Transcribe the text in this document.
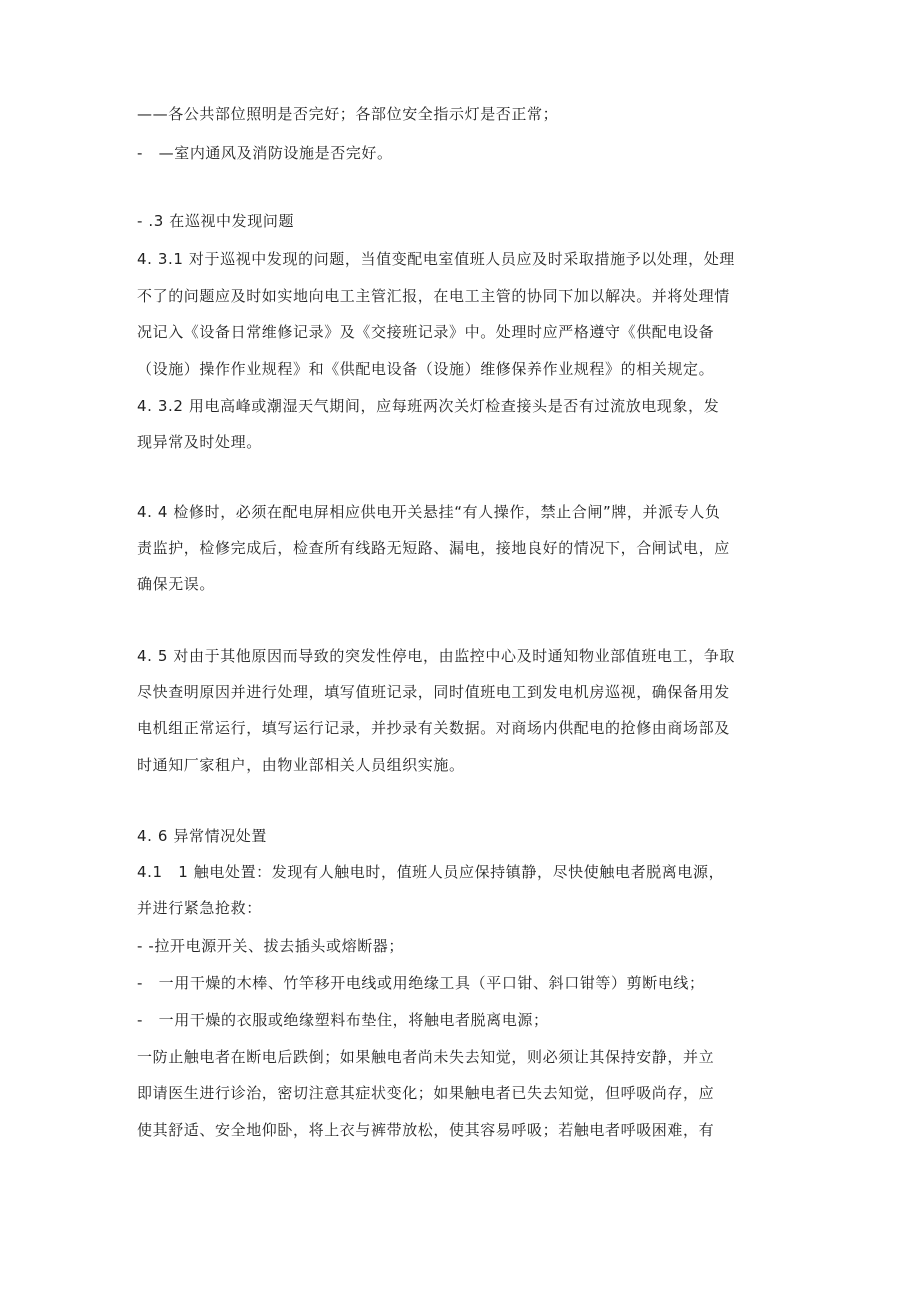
——各公共部位照明是否完好；各部位安全指示灯是否正常；
-　—室内通风及消防设施是否完好。
- .3 在巡视中发现问题
4. 3.1 对于巡视中发现的问题，当值变配电室值班人员应及时采取措施予以处理，处理
不了的问题应及时如实地向电工主管汇报，在电工主管的协同下加以解决。并将处理情
况记入《设备日常维修记录》及《交接班记录》中。处理时应严格遵守《供配电设备
（设施）操作作业规程》和《供配电设备（设施）维修保养作业规程》的相关规定。
4. 3.2 用电高峰或潮湿天气期间，应每班两次关灯检查接头是否有过流放电现象，发
现异常及时处理。
4. 4 检修时，必须在配电屏相应供电开关悬挂“有人操作，禁止合闸”牌，并派专人负
责监护，检修完成后，检查所有线路无短路、漏电，接地良好的情况下，合闸试电，应
确保无误。
4. 5 对由于其他原因而导致的突发性停电，由监控中心及时通知物业部值班电工，争取
尽快查明原因并进行处理，填写值班记录，同时值班电工到发电机房巡视，确保备用发
电机组正常运行，填写运行记录，并抄录有关数据。对商场内供配电的抢修由商场部及
时通知厂家租户，由物业部相关人员组织实施。
4. 6 异常情况处置
4.1　1 触电处置：发现有人触电时，值班人员应保持镇静，尽快使触电者脱离电源，
并进行紧急抢救：
- -拉开电源开关、拔去插头或熔断器；
-　一用干燥的木棒、竹竿移开电线或用绝缘工具（平口钳、斜口钳等）剪断电线；
-　一用干燥的衣服或绝缘塑料布垫住，将触电者脱离电源；
一防止触电者在断电后跌倒；如果触电者尚未失去知觉，则必须让其保持安静，并立
即请医生进行诊治，密切注意其症状变化；如果触电者已失去知觉，但呼吸尚存，应
使其舒适、安全地仰卧，将上衣与裤带放松，使其容易呼吸；若触电者呼吸困难，有
